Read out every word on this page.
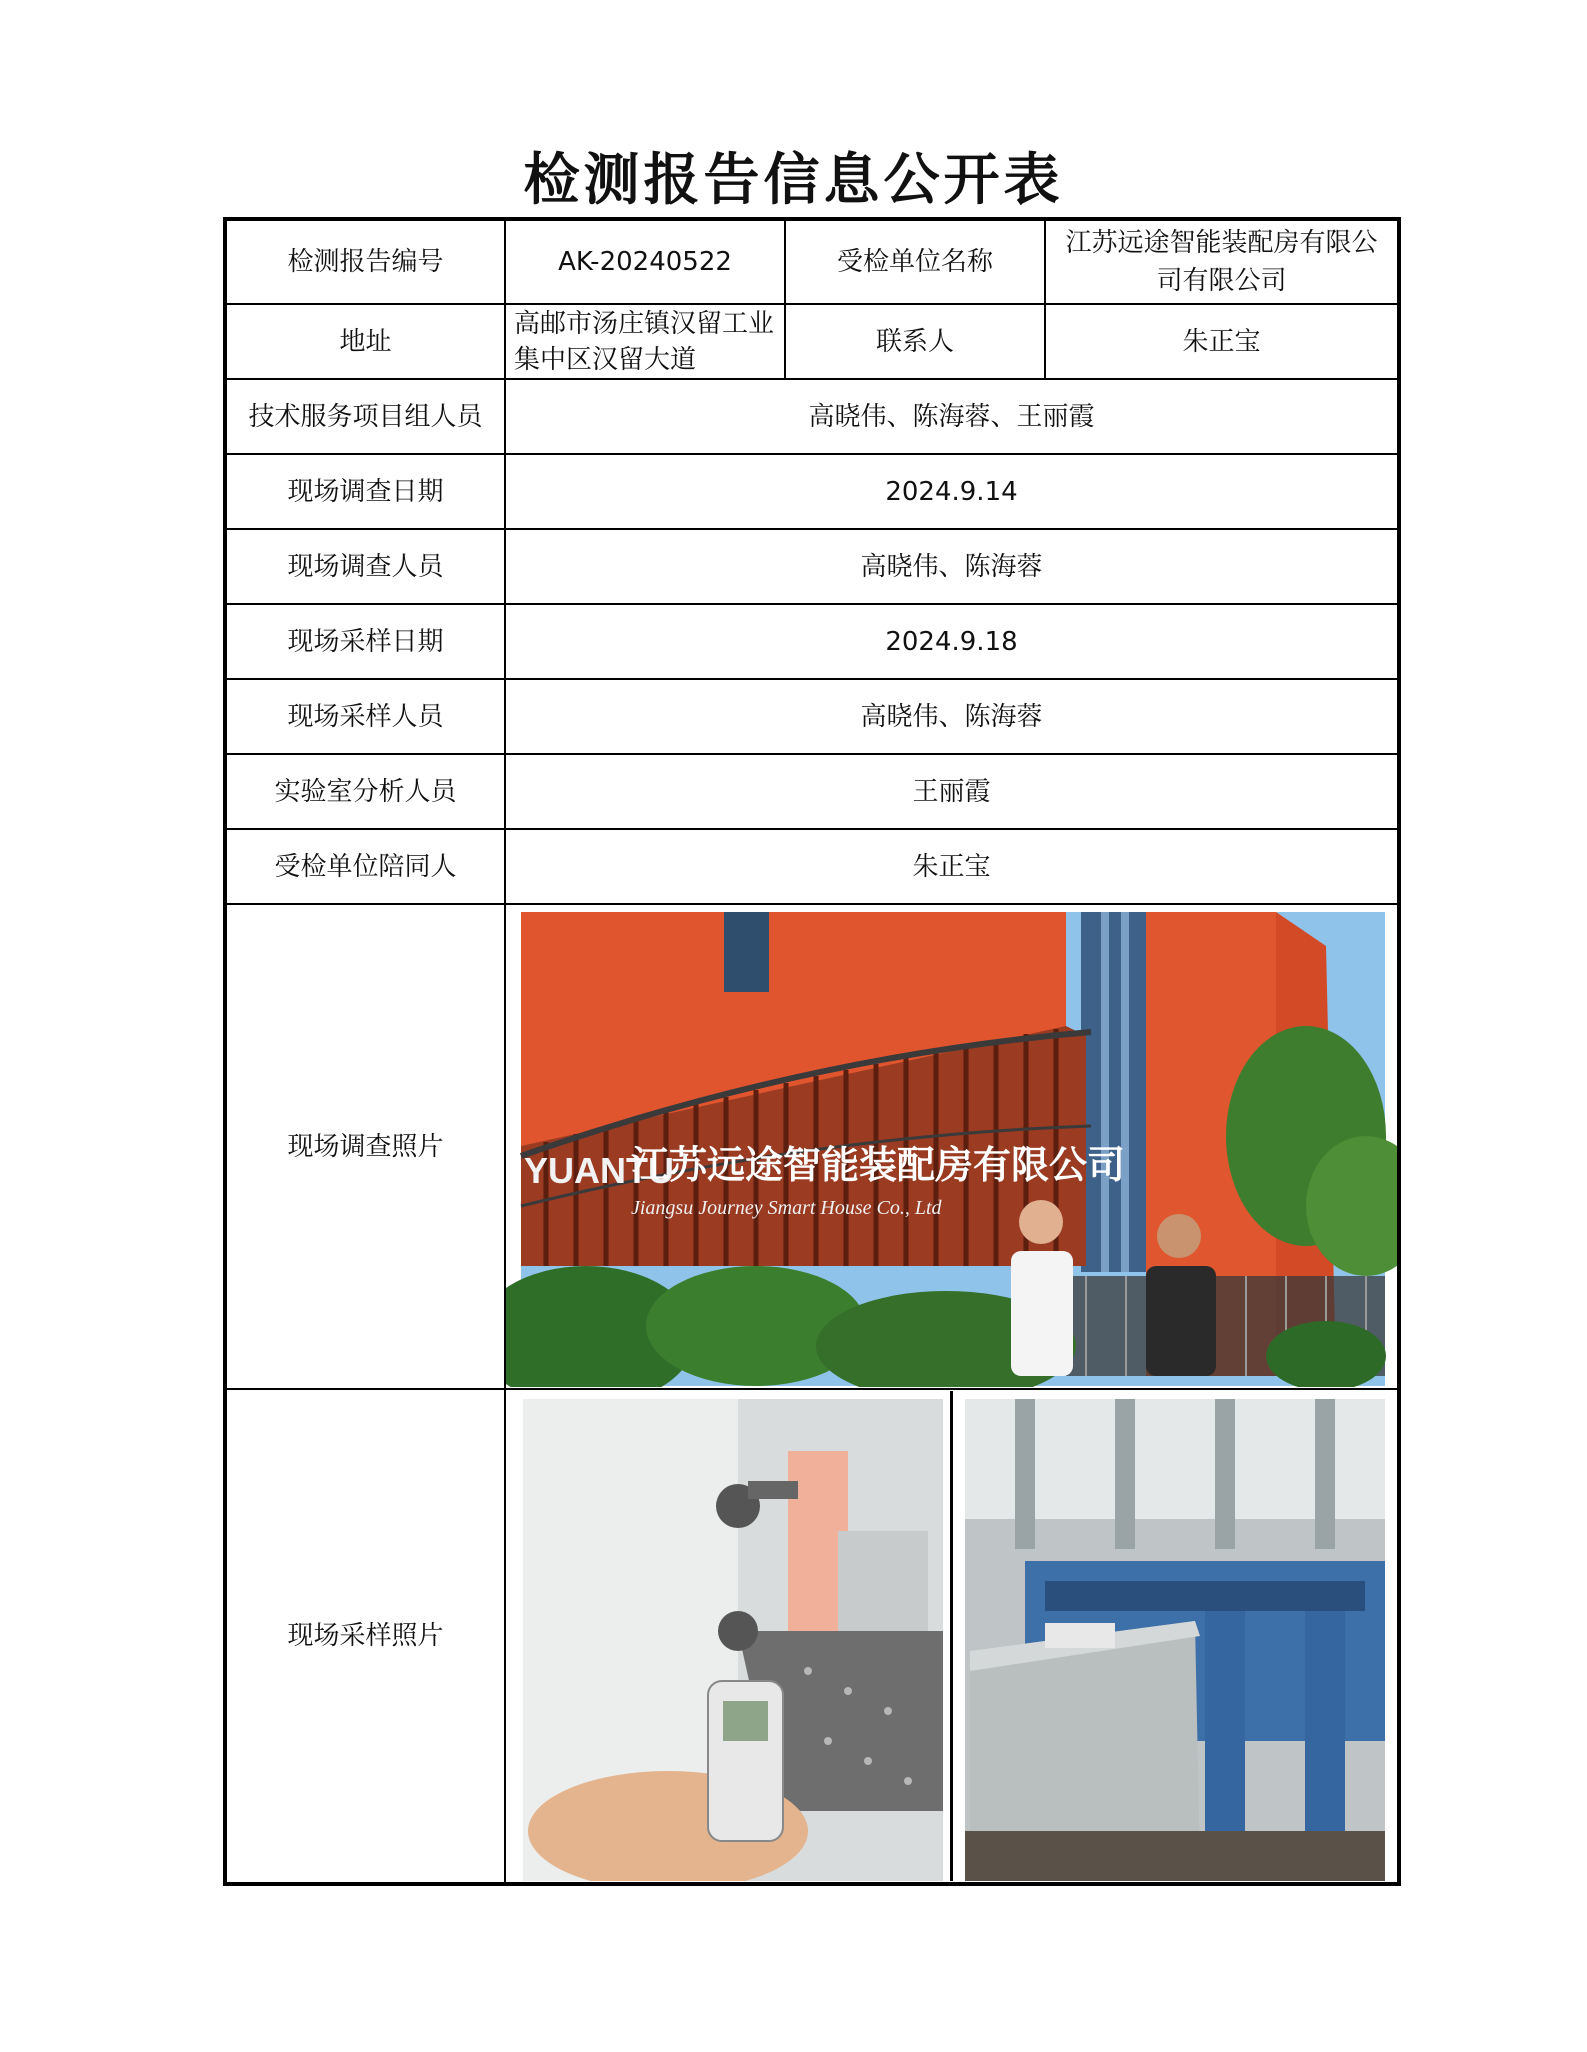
检测报告信息公开表
检测报告编号	AK-20240522	受检单位名称	江苏远途智能装配房有限公司有限公司
地址	高邮市汤庄镇汉留工业集中区汉留大道	联系人	朱正宝
技术服务项目组人员	高晓伟、陈海蓉、王丽霞		
现场调查日期	2024.9.14		
现场调查人员	高晓伟、陈海蓉		
现场采样日期	2024.9.18		
现场采样人员	高晓伟、陈海蓉		
实验室分析人员	王丽霞		
受检单位陪同人	朱正宝		
现场调查照片	YUANTU
江苏远途智能装配房有限公司
Jiangsu Journey Smart House Co., Ltd		

现场采样照片	
